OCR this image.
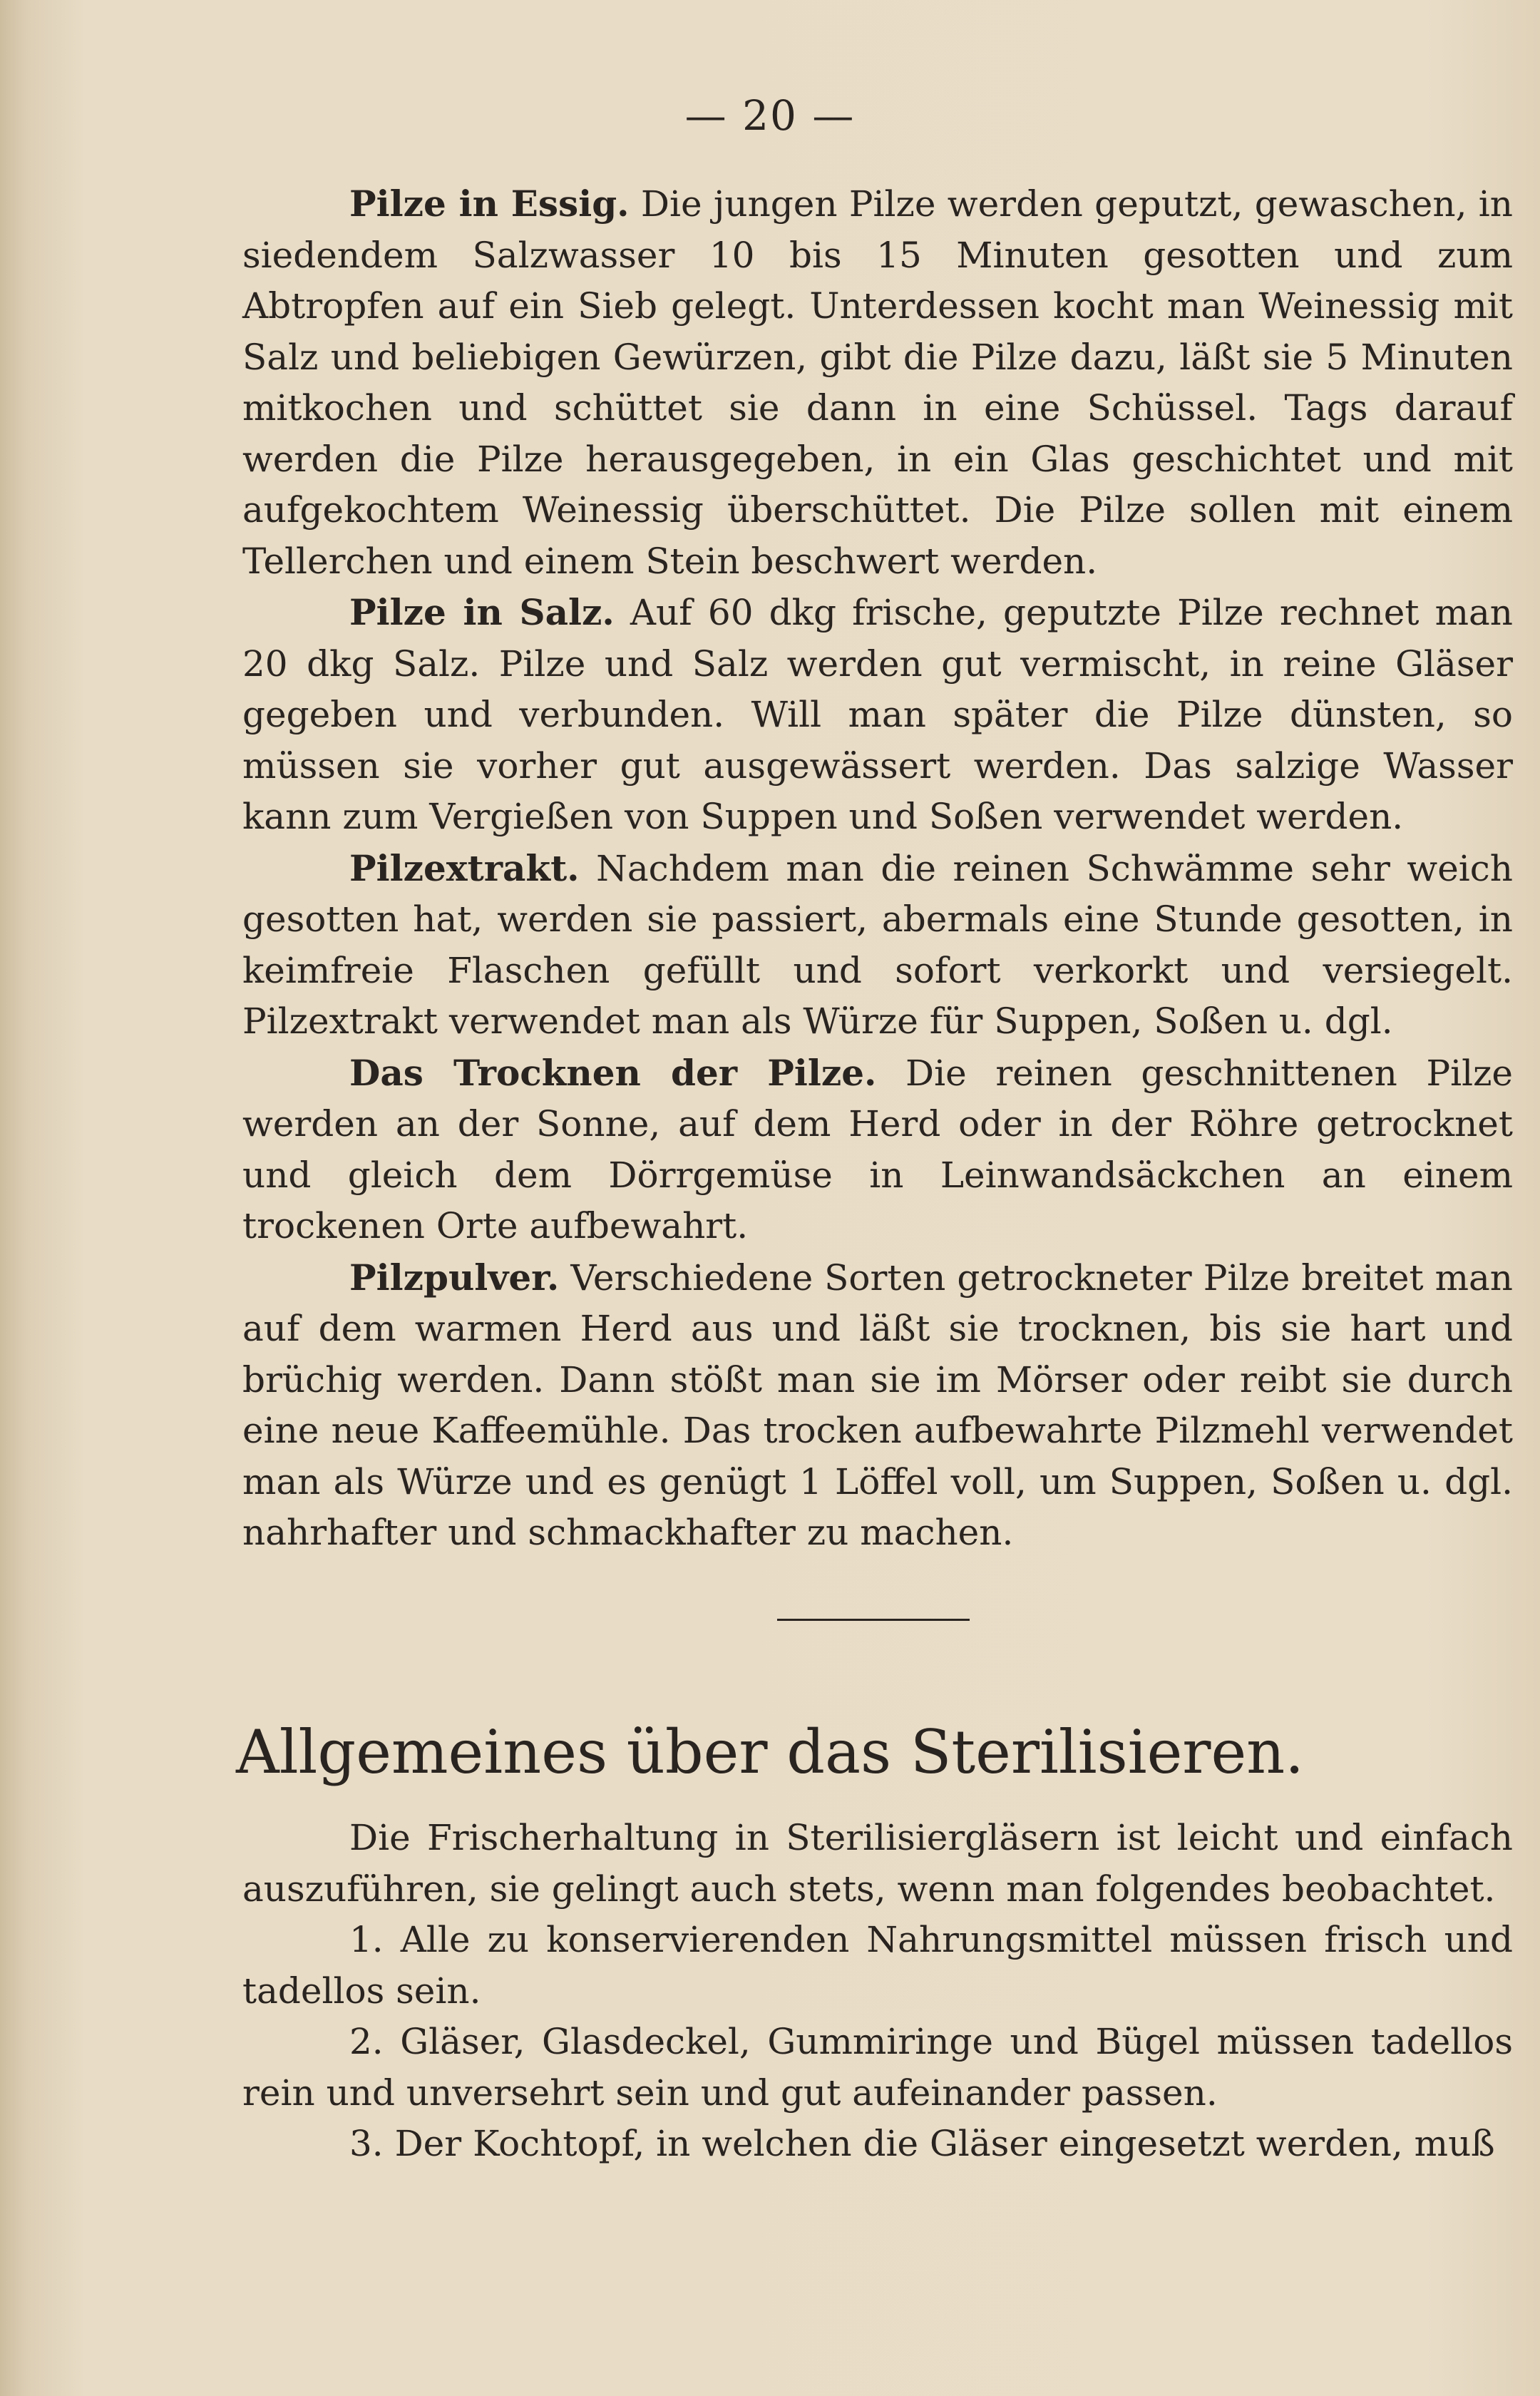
— 20 —

Pilze in Essig. Die jungen Pilze werden geputzt, gewaschen, in siedendem Salzwasser 10 bis 15 Minuten gesotten und zum Abtropfen auf ein Sieb gelegt. Unterdessen kocht man Weinessig mit Salz und beliebigen Gewürzen, gibt die Pilze dazu, läßt sie 5 Minuten mitkochen und schüttet sie dann in eine Schüssel. Tags darauf werden die Pilze herausgegeben, in ein Glas geschichtet und mit aufgekochtem Weinessig überschüttet. Die Pilze sollen mit einem Tellerchen und einem Stein beschwert werden.

Pilze in Salz. Auf 60 dkg frische, geputzte Pilze rechnet man 20 dkg Salz. Pilze und Salz werden gut vermischt, in reine Gläser gegeben und verbunden. Will man später die Pilze dünsten, so müssen sie vorher gut ausgewässert werden. Das salzige Wasser kann zum Vergießen von Suppen und Soßen verwendet werden.

Pilzextrakt. Nachdem man die reinen Schwämme sehr weich gesotten hat, werden sie passiert, abermals eine Stunde gesotten, in keimfreie Flaschen gefüllt und sofort verkorkt und versiegelt. Pilzextrakt verwendet man als Würze für Suppen, Soßen u. dgl.

Das Trocknen der Pilze. Die reinen geschnittenen Pilze werden an der Sonne, auf dem Herd oder in der Röhre getrocknet und gleich dem Dörrgemüse in Leinwandsäckchen an einem trockenen Orte aufbewahrt.

Pilzpulver. Verschiedene Sorten getrockneter Pilze breitet man auf dem warmen Herd aus und läßt sie trocknen, bis sie hart und brüchig werden. Dann stößt man sie im Mörser oder reibt sie durch eine neue Kaffeemühle. Das trocken aufbewahrte Pilzmehl verwendet man als Würze und es genügt 1 Löffel voll, um Suppen, Soßen u. dgl. nahrhafter und schmackhafter zu machen.

Allgemeines über das Sterilisieren.

Die Frischerhaltung in Sterilisiergläsern ist leicht und einfach auszuführen, sie gelingt auch stets, wenn man folgendes beobachtet.

1. Alle zu konservierenden Nahrungsmittel müssen frisch und tadellos sein.

2. Gläser, Glasdeckel, Gummiringe und Bügel müssen tadellos rein und unversehrt sein und gut aufeinander passen.

3. Der Kochtopf, in welchen die Gläser eingesetzt werden, muß
